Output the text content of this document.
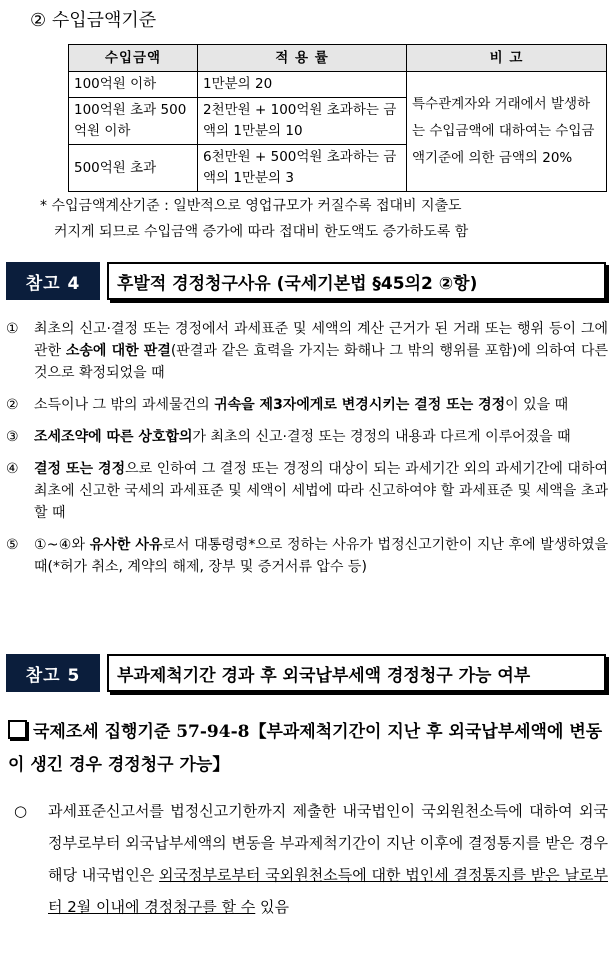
② 수입금액기준
수입금액	적 용 률	비 고
100억원 이하	1만분의 20	특수관계자와 거래에서 발생하는 수입금액에 대하여는 수입금액기준에 의한 금액의 20%
100억원 초과 500억원 이하	2천만원 + 100억원 초과하는 금액의 1만분의 10	
500억원 초과	6천만원 + 500억원 초과하는 금액의 1만분의 3	
* 수입금액계산기준 : 일반적으로 영업규모가 커질수록 접대비 지출도
커지게 되므로 수입금액 증가에 따라 접대비 한도액도 증가하도록 함
참고 4	후발적 경정청구사유 (국세기본법 §45의2 ②항)
① 최초의 신고·결정 또는 경정에서 과세표준 및 세액의 계산 근거가 된 거래 또는 행위 등이 그에 관한 소송에 대한 판결(판결과 같은 효력을 가지는 화해나 그 밖의 행위를 포함)에 의하여 다른 것으로 확정되었을 때
② 소득이나 그 밖의 과세물건의 귀속을 제3자에게로 변경시키는 결정 또는 경정이 있을 때
③ 조세조약에 따른 상호합의가 최초의 신고·결정 또는 경정의 내용과 다르게 이루어졌을 때
④ 결정 또는 경정으로 인하여 그 결정 또는 경정의 대상이 되는 과세기간 외의 과세기간에 대하여 최초에 신고한 국세의 과세표준 및 세액이 세법에 따라 신고하여야 할 과세표준 및 세액을 초과할 때
⑤ ①~④와 유사한 사유로서 대통령령*으로 정하는 사유가 법정신고기한이 지난 후에 발생하였을 때(*허가 취소, 계약의 해제, 장부 및 증거서류 압수 등)
참고 5	부과제척기간 경과 후 외국납부세액 경정청구 가능 여부
국제조세 집행기준 57-94-8【부과제척기간이 지난 후 외국납부세액에 변동이 생긴 경우 경정청구 가능】
○	과세표준신고서를 법정신고기한까지 제출한 내국법인이 국외원천소득에 대하여 외국정부로부터 외국납부세액의 변동을 부과제척기간이 지난 이후에 결정통지를 받은 경우 해당 내국법인은 외국정부로부터 국외원천소득에 대한 법인세 결정통지를 받은 날로부터 2월 이내에 경정청구를 할 수 있음
